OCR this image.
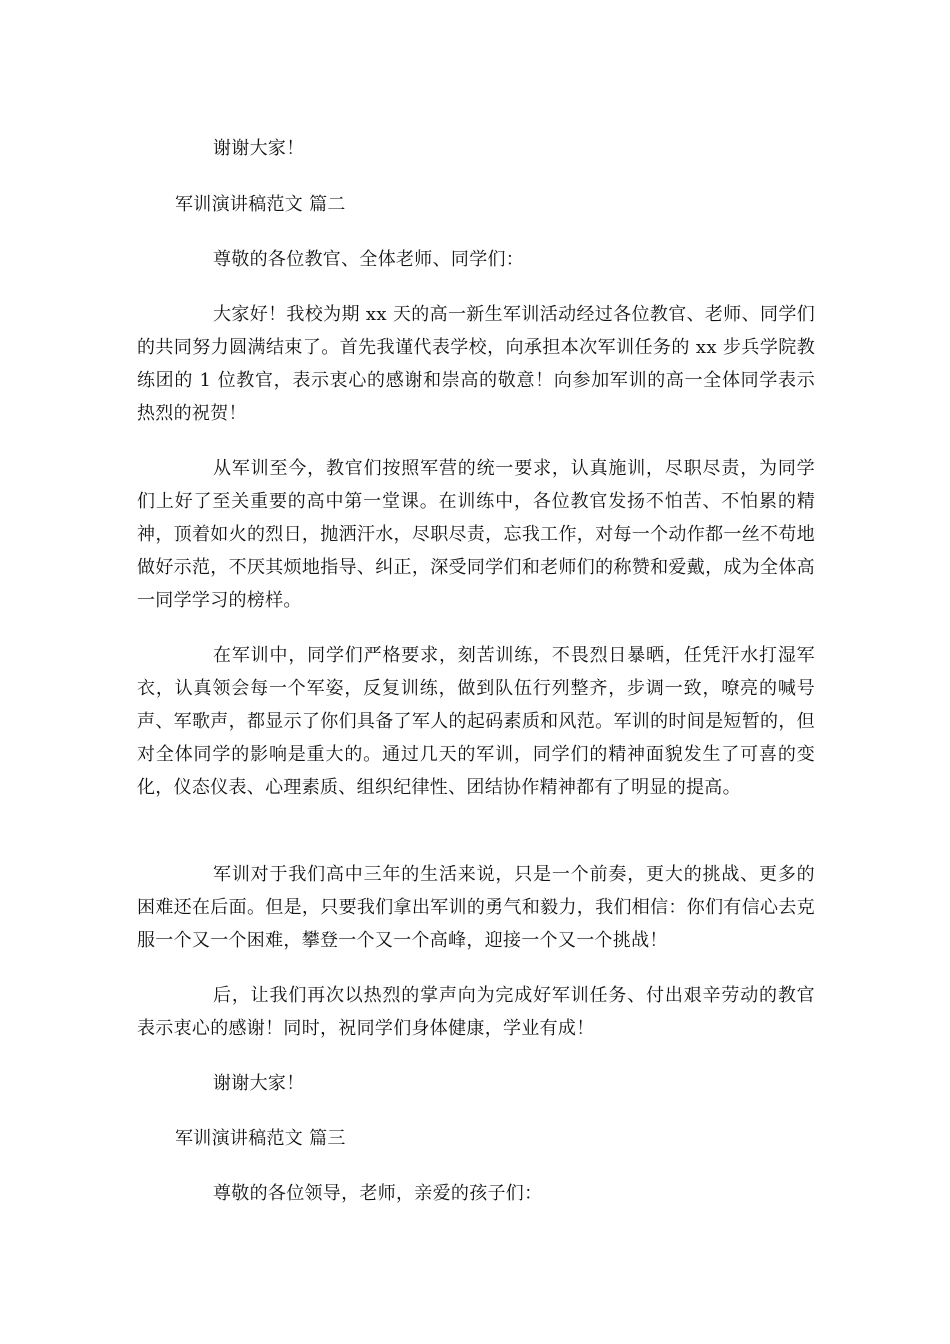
谢谢大家！

军训演讲稿范文 篇二

尊敬的各位教官、全体老师、同学们：

大家好！我校为期 xx 天的高一新生军训活动经过各位教官、老师、同学们的共同努力圆满结束了。首先我谨代表学校，向承担本次军训任务的 xx 步兵学院教练团的 1 位教官，表示衷心的感谢和崇高的敬意！向参加军训的高一全体同学表示热烈的祝贺！

从军训至今，教官们按照军营的统一要求，认真施训，尽职尽责，为同学们上好了至关重要的高中第一堂课。在训练中，各位教官发扬不怕苦、不怕累的精神，顶着如火的烈日，抛洒汗水，尽职尽责，忘我工作，对每一个动作都一丝不苟地做好示范，不厌其烦地指导、纠正，深受同学们和老师们的称赞和爱戴，成为全体高一同学学习的榜样。

在军训中，同学们严格要求，刻苦训练，不畏烈日暴晒，任凭汗水打湿军衣，认真领会每一个军姿，反复训练，做到队伍行列整齐，步调一致，嘹亮的喊号声、军歌声，都显示了你们具备了军人的起码素质和风范。军训的时间是短暂的，但对全体同学的影响是重大的。通过几天的军训，同学们的精神面貌发生了可喜的变化，仪态仪表、心理素质、组织纪律性、团结协作精神都有了明显的提高。

军训对于我们高中三年的生活来说，只是一个前奏，更大的挑战、更多的困难还在后面。但是，只要我们拿出军训的勇气和毅力，我们相信：你们有信心去克服一个又一个困难，攀登一个又一个高峰，迎接一个又一个挑战！

后，让我们再次以热烈的掌声向为完成好军训任务、付出艰辛劳动的教官表示衷心的感谢！同时，祝同学们身体健康，学业有成！

谢谢大家！

军训演讲稿范文 篇三

尊敬的各位领导，老师，亲爱的孩子们：
